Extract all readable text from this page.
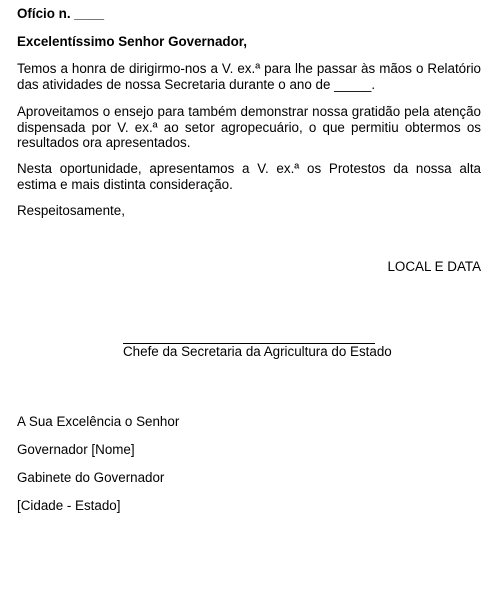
Ofício n. ____
Excelentíssimo Senhor Governador,
Temos a honra de dirigirmo-nos a V. ex.ª para lhe passar às mãos o Relatório das atividades de nossa Secretaria durante o ano de _____.
Aproveitamos o ensejo para também demonstrar nossa gratidão pela atenção dispensada por V. ex.ª ao setor agropecuário, o que permitiu obtermos os resultados ora apresentados.
Nesta oportunidade, apresentamos a V. ex.ª os Protestos da nossa alta estima e mais distinta consideração.
Respeitosamente,
LOCAL E DATA
Chefe da Secretaria da Agricultura do Estado
A Sua Excelência o Senhor
Governador [Nome]
Gabinete do Governador
[Cidade - Estado]
